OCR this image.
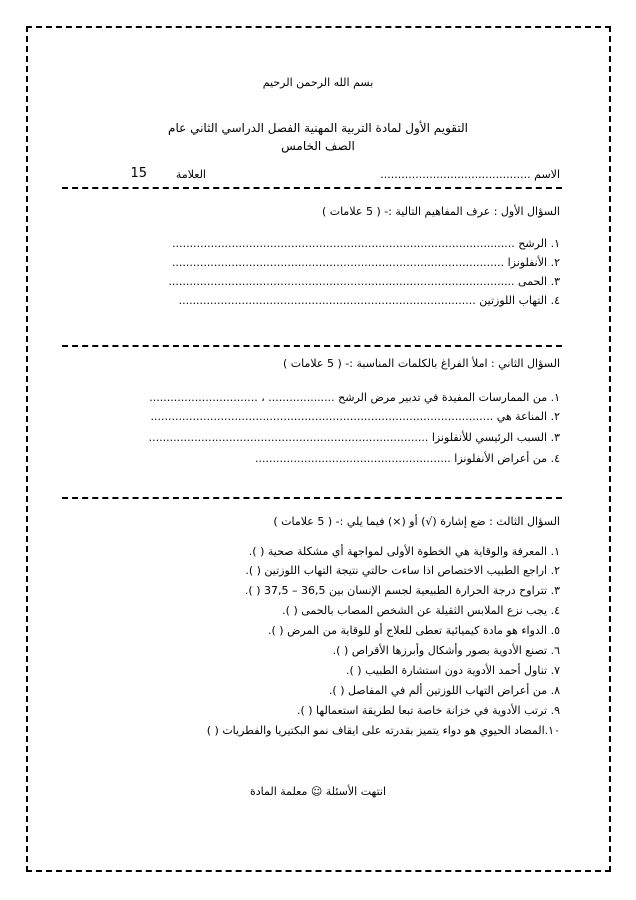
بسم الله الرحمن الرحيم
التقويم الأول لمادة التربية المهنية الفصل الدراسي الثاني عام
الصف الخامس
الاسم ...........................................
العلامة
15
السؤال الأول : عرف المفاهيم التالية :- ( 5 علامات )
١. الرشح ..................................................................................................
٢. الأنفلونزا ...............................................................................................
٣. الحمى ...................................................................................................
٤. التهاب اللوزتين .....................................................................................
السؤال الثاني : املأ الفراغ بالكلمات المناسبة :- ( 5 علامات )
١. من الممارسات المفيدة في تدبير مرض الرشح ................... ، ...............................
٢. المناعة هي ..................................................................................................
٣. السبب الرئيسي للأنفلونزا ................................................................................
٤. من أعراض الأنفلونزا ........................................................
السؤال الثالث : ضع إشارة (√) أو (×) فيما يلي :- ( 5 علامات )
١. المعرفة والوقاية هي الخطوة الأولى لمواجهة أي مشكلة صحية ( ).
٢. اراجع الطبيب الاختصاص اذا ساءت حالتي نتيجة التهاب اللوزتين ( ).
٣. تتراوح درجة الحرارة الطبيعية لجسم الإنسان بين 36,5 – 37,5 ( ).
٤. يجب نزع الملابس الثقيلة عن الشخص المصاب بالحمى ( ).
٥. الدواء هو مادة كيميائية تعطى للعلاج أو للوقاية من المرض ( ).
٦. تصنع الأدوية بصور وأشكال وأبرزها الأقراص ( ).
٧. تناول أحمد الأدوية دون استشارة الطبيب ( ).
٨. من أعراض التهاب اللوزتين ألم في المفاصل ( ).
٩. ترتب الأدوية في خزانة خاصة تبعا لطريقة استعمالها ( ).
١٠.المضاد الحيوي هو دواء يتميز بقدرته على ايقاف نمو البكتيريا والفطريات ( )
انتهت الأسئلة ☺ معلمة المادة
